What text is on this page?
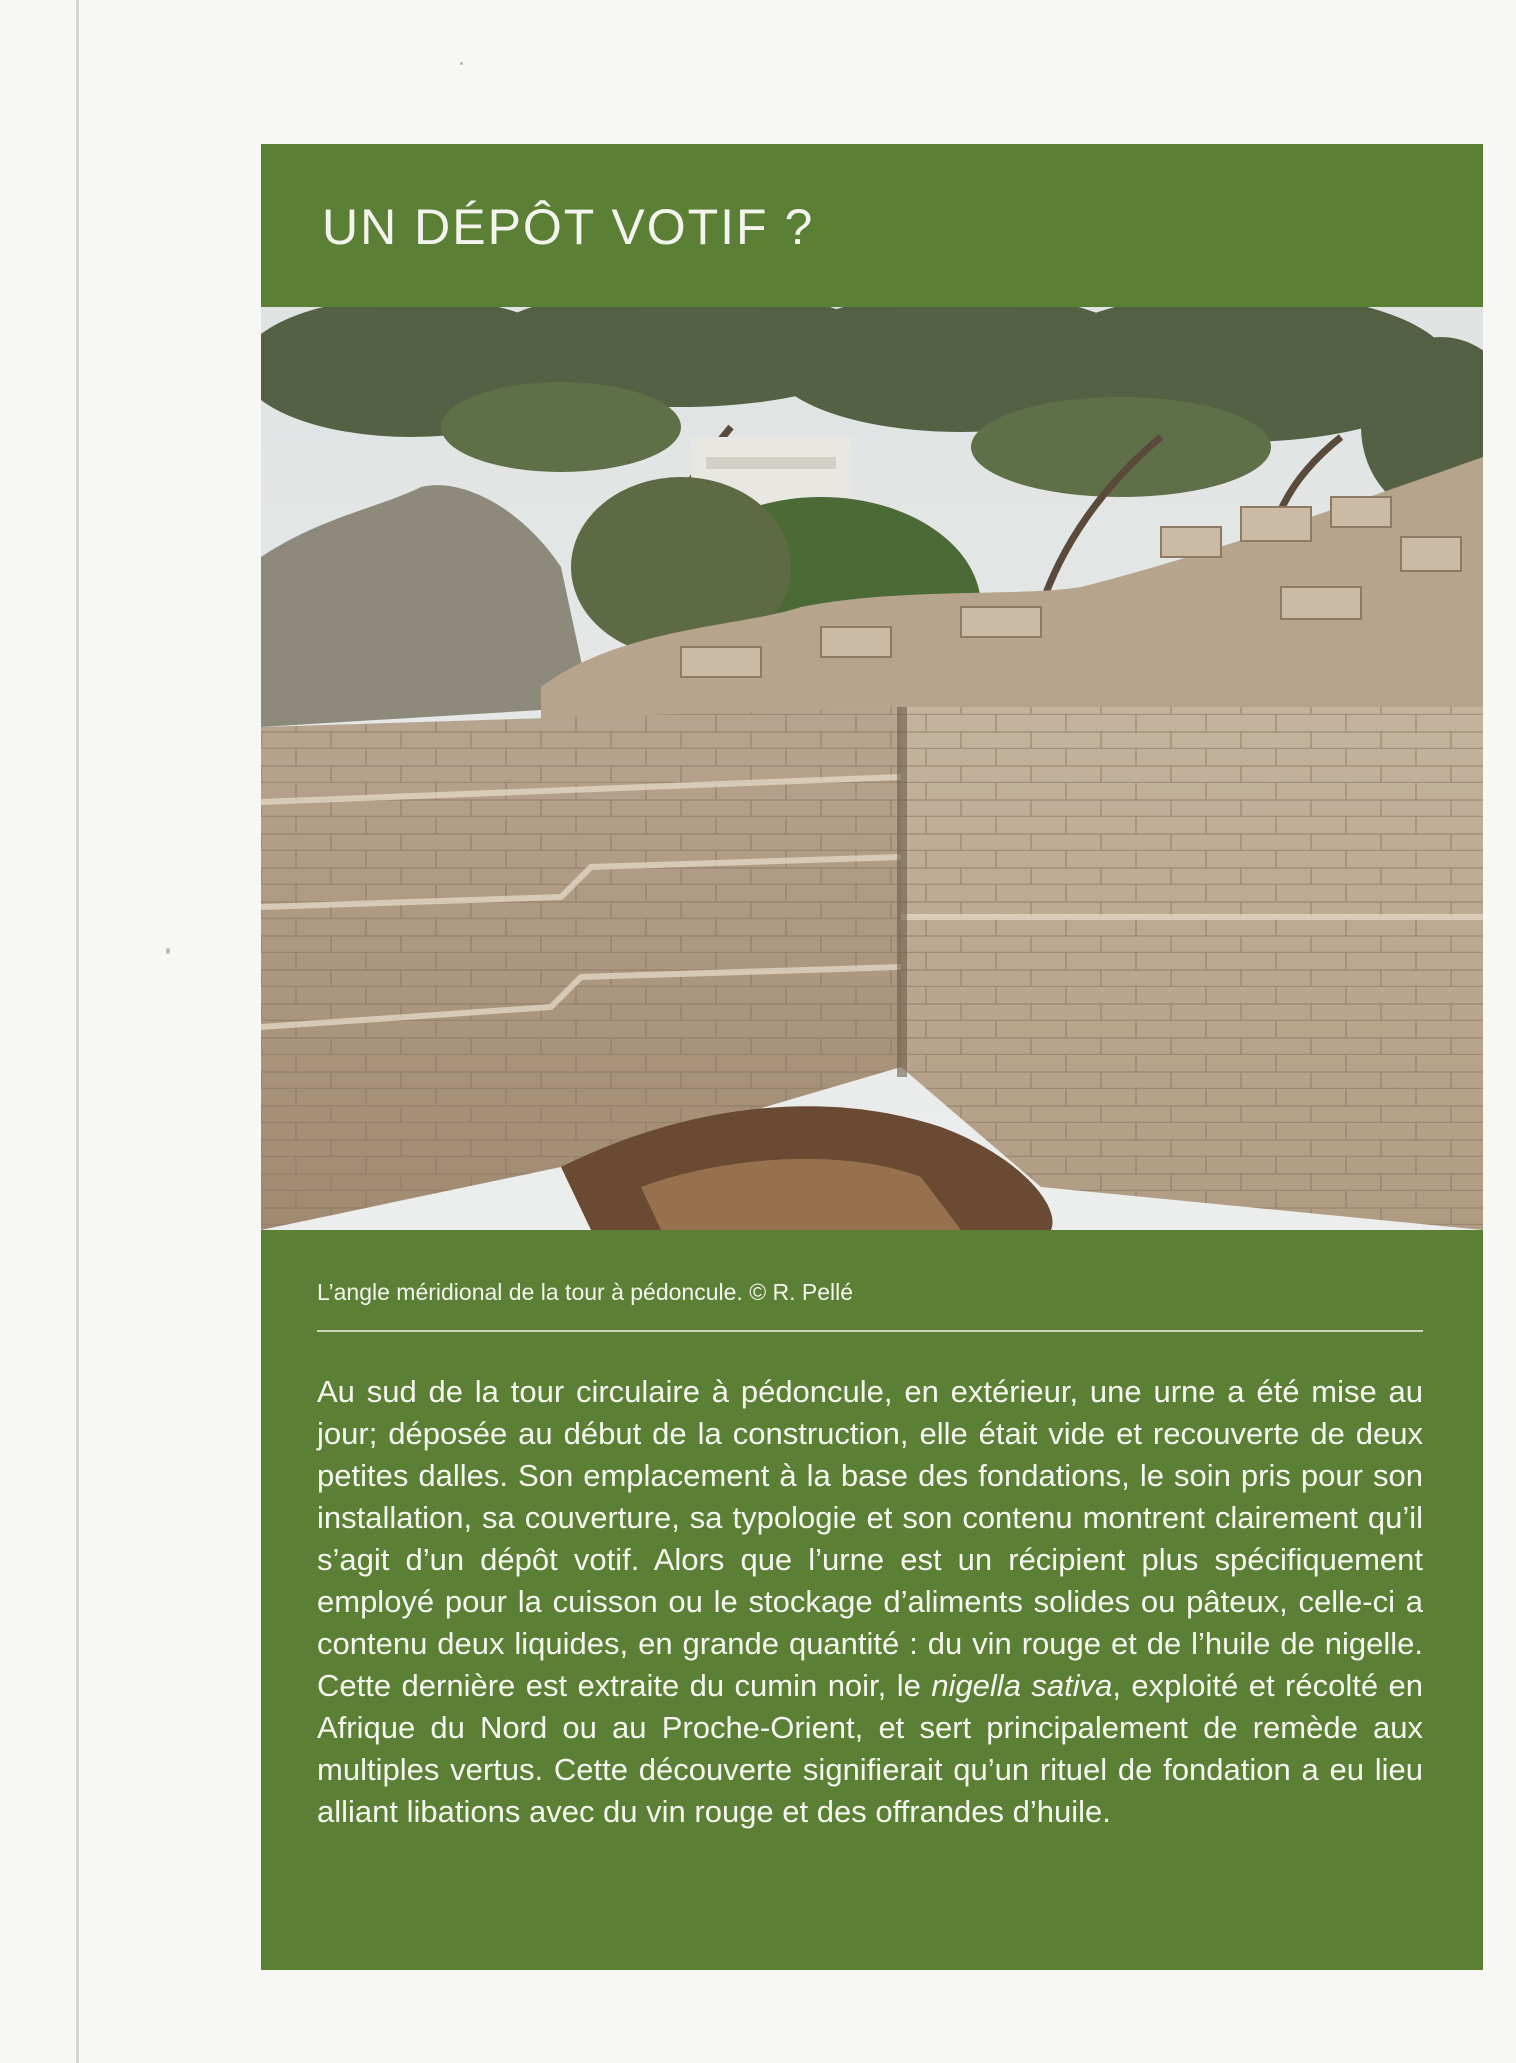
UN DÉPÔT VOTIF ?

L’angle méridional de la tour à pédoncule. © R. Pellé

Au sud de la tour circulaire à pédoncule, en extérieur, une urne a été mise au jour; déposée au début de la construction, elle était vide et recouverte de deux petites dalles. Son emplacement à la base des fondations, le soin pris pour son installation, sa couverture, sa typologie et son contenu montrent clairement qu’il s’agit d’un dépôt votif. Alors que l’urne est un récipient plus spécifiquement employé pour la cuisson ou le stockage d’aliments solides ou pâteux, celle-ci a contenu deux liquides, en grande quantité : du vin rouge et de l’huile de nigelle. Cette dernière est extraite du cumin noir, le nigella sativa, exploité et récolté en Afrique du Nord ou au Proche-Orient, et sert principalement de remède aux multiples vertus. Cette découverte signifierait qu’un rituel de fondation a eu lieu alliant libations avec du vin rouge et des offrandes d’huile.
